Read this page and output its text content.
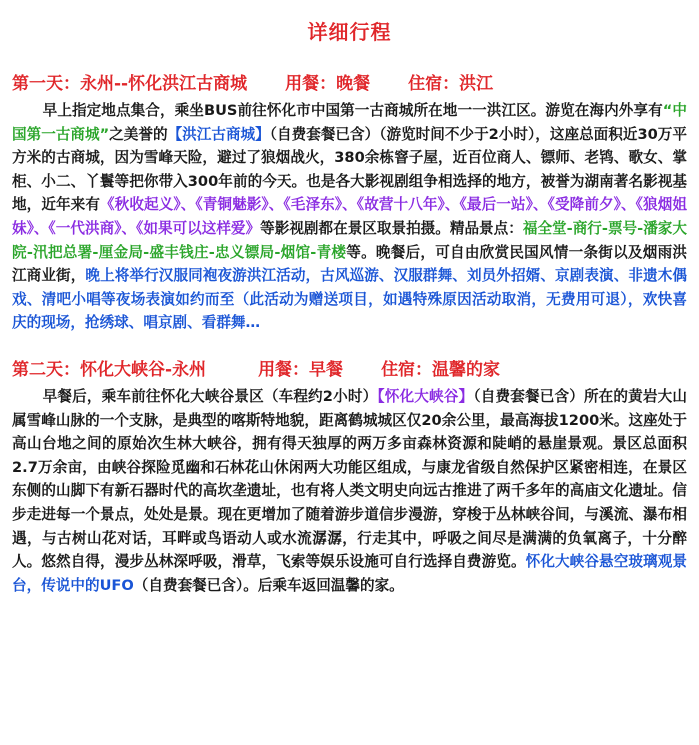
详细行程
第一天：永州--怀化洪江古商城 用餐：晚餐 住宿：洪江

早上指定地点集合，乘坐BUS前往怀化市中国第一古商城所在地一一洪江区。游览在海内外享有“中国第一古商城”之美誉的【洪江古商城】（自费套餐已含）（游览时间不少于2小时），这座总面积近30万平方米的古商城，因为雪峰天险，避过了狼烟战火，380余栋窨子屋，近百位商人、镖师、老鸨、歌女、掌柜、小二、丫鬟等把你带入300年前的今天。也是各大影视剧组争相选择的地方，被誉为湖南著名影视基地，近年来有《秋收起义》、《青铜魅影》、《毛泽东》、《故营十八年》、《最后一站》、《受降前夕》、《狼烟姐妹》、《一代洪商》、《如果可以这样爱》等影视剧都在景区取景拍摄。精品景点：福全堂-商行-票号-潘家大院-汛把总署-厘金局-盛丰钱庄-忠义镖局-烟馆-青楼等。晚餐后，可自由欣赏民国风情一条街以及烟雨洪江商业街，晚上将举行汉服同袍夜游洪江活动，古风巡游、汉服群舞、刘员外招婿、京剧表演、非遗木偶戏、清吧小唱等夜场表演如约而至（此活动为赠送项目，如遇特殊原因活动取消，无费用可退），欢快喜庆的现场，抢绣球、唱京剧、看群舞…

第二天：怀化大峡谷-永州	用餐：早餐 住宿：温馨的家

早餐后，乘车前往怀化大峡谷景区（车程约2小时）【怀化大峡谷】（自费套餐已含）所在的黄岩大山属雪峰山脉的一个支脉，是典型的喀斯特地貌，距离鹤城城区仅20余公里，最高海拔1200米。这座处于高山台地之间的原始次生林大峡谷，拥有得天独厚的两万多亩森林资源和陡峭的悬崖景观。景区总面积2.7万余亩，由峡谷探险觅幽和石林花山休闲两大功能区组成，与康龙省级自然保护区紧密相连，在景区东侧的山脚下有新石器时代的高坎垄遗址，也有将人类文明史向远古推进了两千多年的高庙文化遗址。信步走进每一个景点，处处是景。现在更增加了随着游步道信步漫游，穿梭于丛林峡谷间，与溪流、瀑布相遇，与古树山花对话，耳畔或鸟语动人或水流潺潺，行走其中，呼吸之间尽是满满的负氧离子，十分醉人。悠然自得，漫步丛林深呼吸，滑草，飞索等娱乐设施可自行选择自费游览。怀化大峡谷悬空玻璃观景台，传说中的UFO（自费套餐已含）。后乘车返回温馨的家。
